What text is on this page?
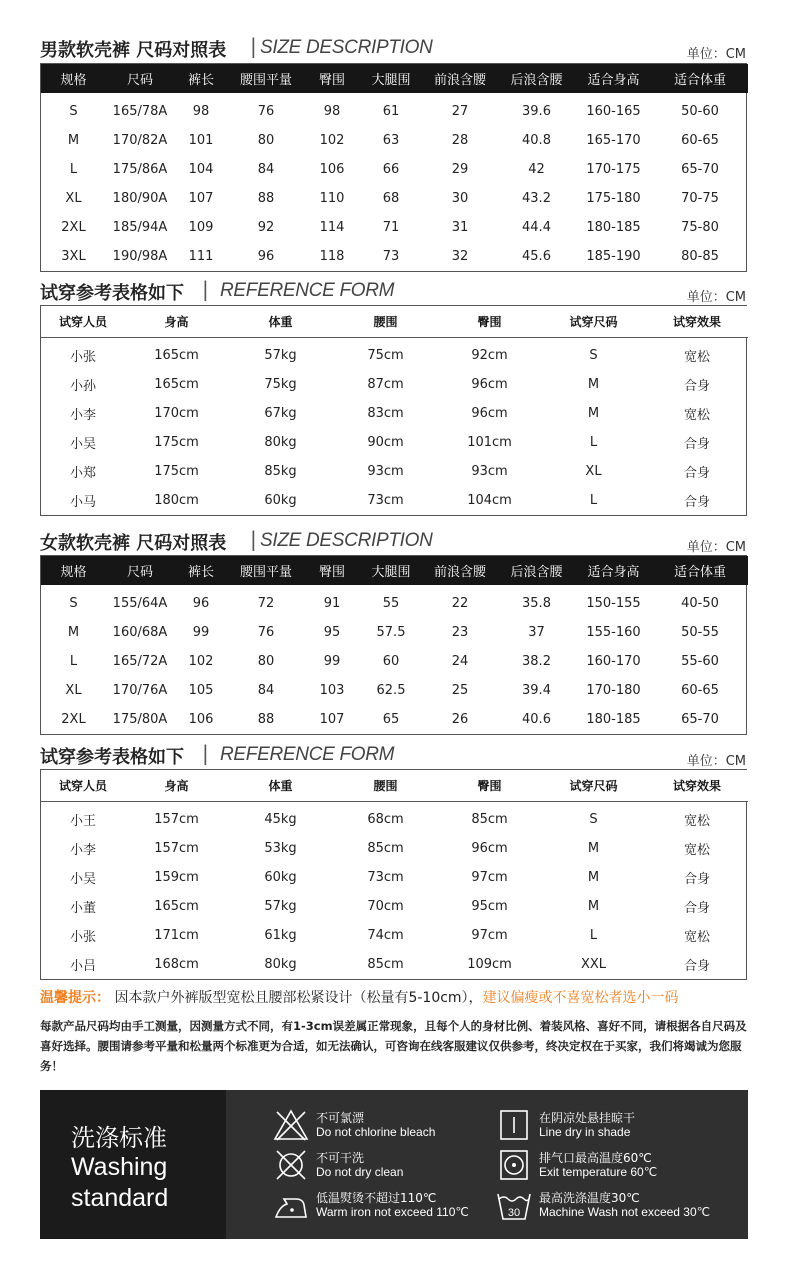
男款软壳裤 尺码对照表 | SIZE DESCRIPTION	单位：CM
规格	尺码	裤长	腰围平量	臀围	大腿围	前浪含腰	后浪含腰	适合身高	适合体重

S	165/78A	98	76	98	61	27	39.6	160-165	50-60
M	170/82A	101	80	102	63	28	40.8	165-170	60-65
L	175/86A	104	84	106	66	29	42	170-175	65-70
XL	180/90A	107	88	110	68	30	43.2	175-180	70-75
2XL	185/94A	109	92	114	71	31	44.4	180-185	75-80
3XL	190/98A	111	96	118	73	32	45.6	185-190	80-85
试穿参考表格如下 | REFERENCE FORM	单位：CM
试穿人员	身高	体重	腰围	臀围	试穿尺码	试穿效果

小张	165cm	57kg	75cm	92cm	S	宽松
小孙	165cm	75kg	87cm	96cm	M	合身
小李	170cm	67kg	83cm	96cm	M	宽松
小吴	175cm	80kg	90cm	101cm	L	合身
小郑	175cm	85kg	93cm	93cm	XL	合身
小马	180cm	60kg	73cm	104cm	L	合身
女款软壳裤 尺码对照表 | SIZE DESCRIPTION	单位：CM
规格	尺码	裤长	腰围平量	臀围	大腿围	前浪含腰	后浪含腰	适合身高	适合体重

S	155/64A	96	72	91	55	22	35.8	150-155	40-50
M	160/68A	99	76	95	57.5	23	37	155-160	50-55
L	165/72A	102	80	99	60	24	38.2	160-170	55-60
XL	170/76A	105	84	103	62.5	25	39.4	170-180	60-65
2XL	175/80A	106	88	107	65	26	40.6	180-185	65-70
试穿参考表格如下 | REFERENCE FORM	单位：CM
试穿人员	身高	体重	腰围	臀围	试穿尺码	试穿效果

小王	157cm	45kg	68cm	85cm	S	宽松
小李	157cm	53kg	85cm	96cm	M	宽松
小吴	159cm	60kg	73cm	97cm	M	合身
小董	165cm	57kg	70cm	95cm	M	合身
小张	171cm	61kg	74cm	97cm	L	宽松
小吕	168cm	80kg	85cm	109cm	XXL	合身
温馨提示： 因本款户外裤版型宽松且腰部松紧设计（松量有5-10cm），建议偏瘦或不喜宽松者选小一码
每款产品尺码均由手工测量，因测量方式不同，有1-3cm误差属正常现象，且每个人的身材比例、着装风格、喜好不同，请根据各自尺码及喜好选择。腰围请参考平量和松量两个标准更为合适，如无法确认，可咨询在线客服建议仅供参考，终决定权在于买家，我们将竭诚为您服务！
洗涤标准
Washing
standard
不可氯漂
Do not chlorine bleach
在阴凉处悬挂晾干
Line dry in shade
不可干洗
Do not dry clean
排气口最高温度60℃
Exit temperature 60℃
低温熨烫不超过110℃
Warm iron not exceed 110℃	30
最高洗涤温度30℃
Machine Wash not exceed 30℃
